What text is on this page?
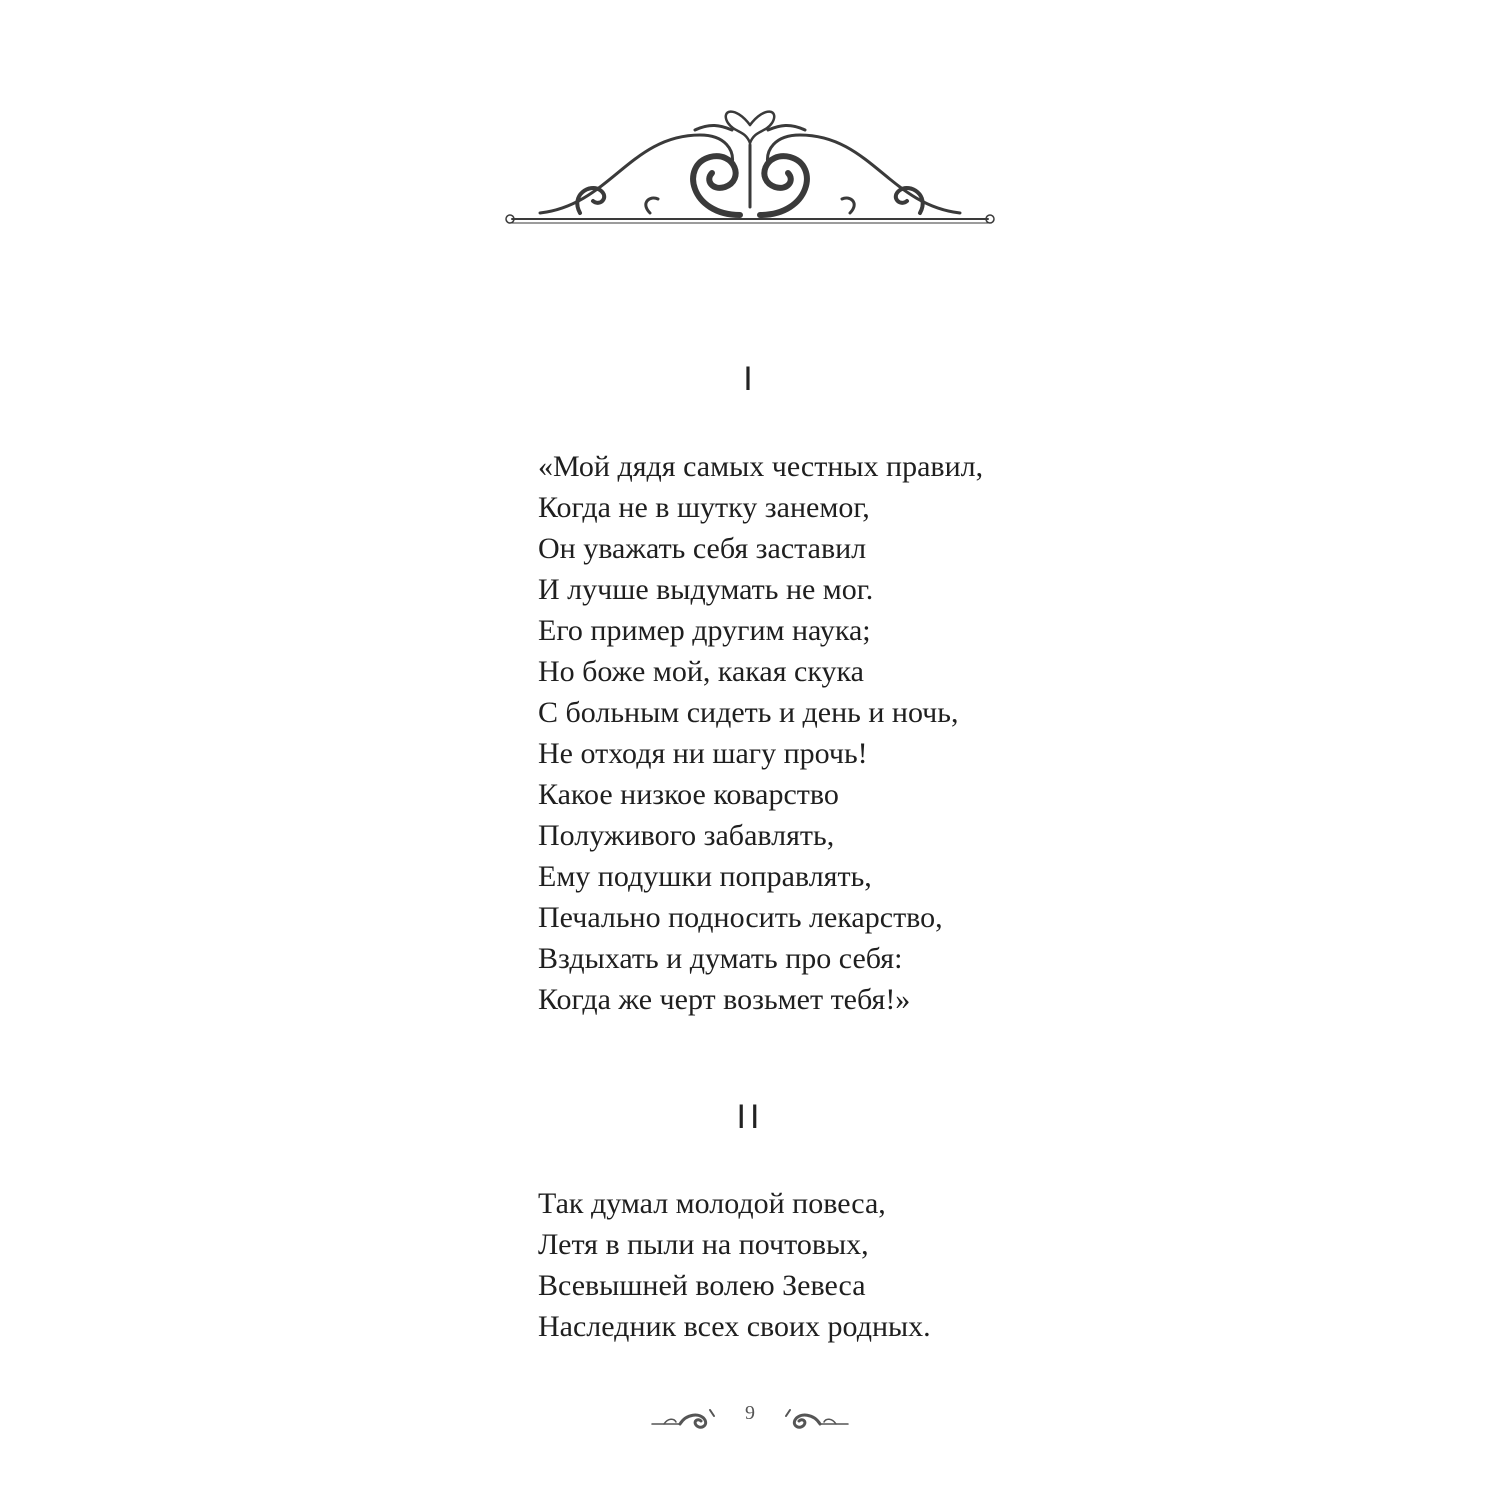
I
«Мой дядя самых честных правил,
Когда не в шутку занемог,
Он уважать себя заставил
И лучше выдумать не мог.
Его пример другим наука;
Но боже мой, какая скука
С больным сидеть и день и ночь,
Не отходя ни шагу прочь!
Какое низкое коварство
Полуживого забавлять,
Ему подушки поправлять,
Печально подносить лекарство,
Вздыхать и думать про себя:
Когда же черт возьмет тебя!»
II
Так думал молодой повеса,
Летя в пыли на почтовых,
Всевышней волею Зевеса
Наследник всех своих родных.
9
